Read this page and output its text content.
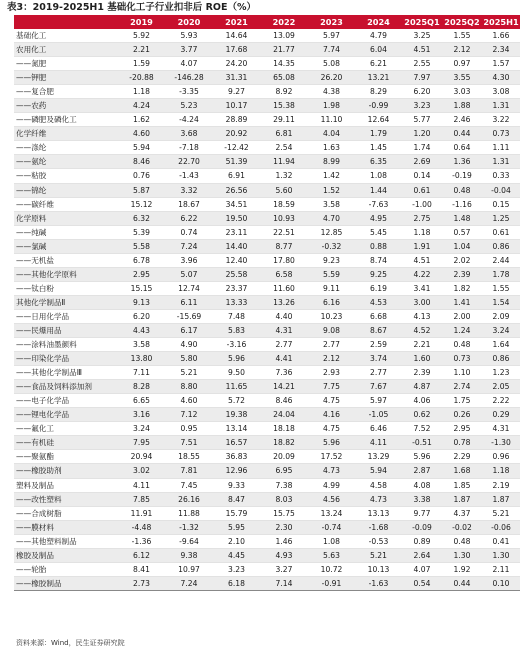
表3：2019-2025H1 基础化工子行业扣非后 ROE（%）
	2019	2020	2021	2022	2023	2024	2025Q1	2025Q2	2025H1
基础化工	5.92	5.93	14.64	13.09	5.97	4.79	3.25	1.55	1.66
农用化工	2.21	3.77	17.68	21.77	7.74	6.04	4.51	2.12	2.34
——氮肥	1.59	4.07	24.20	14.35	5.08	6.21	2.55	0.97	1.57
——钾肥	-20.88	-146.28	31.31	65.08	26.20	13.21	7.97	3.55	4.30
——复合肥	1.18	-3.35	9.27	8.92	4.38	8.29	6.20	3.03	3.08
——农药	4.24	5.23	10.17	15.38	1.98	-0.99	3.23	1.88	1.31
——磷肥及磷化工	1.62	-4.24	28.89	29.11	11.10	12.64	5.77	2.46	3.22
化学纤维	4.60	3.68	20.92	6.81	4.04	1.79	1.20	0.44	0.73
——涤纶	5.94	-7.18	-12.42	2.54	1.63	1.45	1.74	0.64	1.11
——氨纶	8.46	22.70	51.39	11.94	8.99	6.35	2.69	1.36	1.31
——粘胶	0.76	-1.43	6.91	1.32	1.42	1.08	0.14	-0.19	0.33
——锦纶	5.87	3.32	26.56	5.60	1.52	1.44	0.61	0.48	-0.04
——碳纤维	15.12	18.67	34.51	18.59	3.58	-7.63	-1.00	-1.16	0.15
化学原料	6.32	6.22	19.50	10.93	4.70	4.95	2.75	1.48	1.25
——纯碱	5.39	0.74	23.11	22.51	12.85	5.45	1.18	0.57	0.61
——氯碱	5.58	7.24	14.40	8.77	-0.32	0.88	1.91	1.04	0.86
——无机盐	6.78	3.96	12.40	17.80	9.23	8.74	4.51	2.02	2.44
——其他化学原料	2.95	5.07	25.58	6.58	5.59	9.25	4.22	2.39	1.78
——钛白粉	15.15	12.74	23.37	11.60	9.11	6.19	3.41	1.82	1.55
其他化学制品Ⅱ	9.13	6.11	13.33	13.26	6.16	4.53	3.00	1.41	1.54
——日用化学品	6.20	-15.69	7.48	4.40	10.23	6.68	4.13	2.00	2.09
——民爆用品	4.43	6.17	5.83	4.31	9.08	8.67	4.52	1.24	3.24
——涂料油墨颜料	3.58	4.90	-3.16	2.77	2.77	2.59	2.21	0.48	1.64
——印染化学品	13.80	5.80	5.96	4.41	2.12	3.74	1.60	0.73	0.86
——其他化学制品Ⅲ	7.11	5.21	9.50	7.36	2.93	2.77	2.39	1.10	1.23
——食品及饲料添加剂	8.28	8.80	11.65	14.21	7.75	7.67	4.87	2.74	2.05
——电子化学品	6.65	4.60	5.72	8.46	4.75	5.97	4.06	1.75	2.22
——锂电化学品	3.16	7.12	19.38	24.04	4.16	-1.05	0.62	0.26	0.29
——氟化工	3.24	0.95	13.14	18.18	4.75	6.46	7.52	2.95	4.31
——有机硅	7.95	7.51	16.57	18.82	5.96	4.11	-0.51	0.78	-1.30
——聚氨酯	20.94	18.55	36.83	20.09	17.52	13.29	5.96	2.29	0.96
——橡胶助剂	3.02	7.81	12.96	6.95	4.73	5.94	2.87	1.68	1.18
塑料及制品	4.11	7.45	9.33	7.38	4.99	4.58	4.08	1.85	2.19
——改性塑料	7.85	26.16	8.47	8.03	4.56	4.73	3.38	1.87	1.87
——合成树脂	11.91	11.88	15.79	15.75	13.24	13.13	9.77	4.37	5.21
——膜材料	-4.48	-1.32	5.95	2.30	-0.74	-1.68	-0.09	-0.02	-0.06
——其他塑料制品	-1.36	-9.64	2.10	1.46	1.08	-0.53	0.89	0.48	0.41
橡胶及制品	6.12	9.38	4.45	4.93	5.63	5.21	2.64	1.30	1.30
——轮胎	8.41	10.97	3.23	3.27	10.72	10.13	4.07	1.92	2.11
——橡胶制品	2.73	7.24	6.18	7.14	-0.91	-1.63	0.54	0.44	0.10
资料来源：Wind，民生证券研究院
